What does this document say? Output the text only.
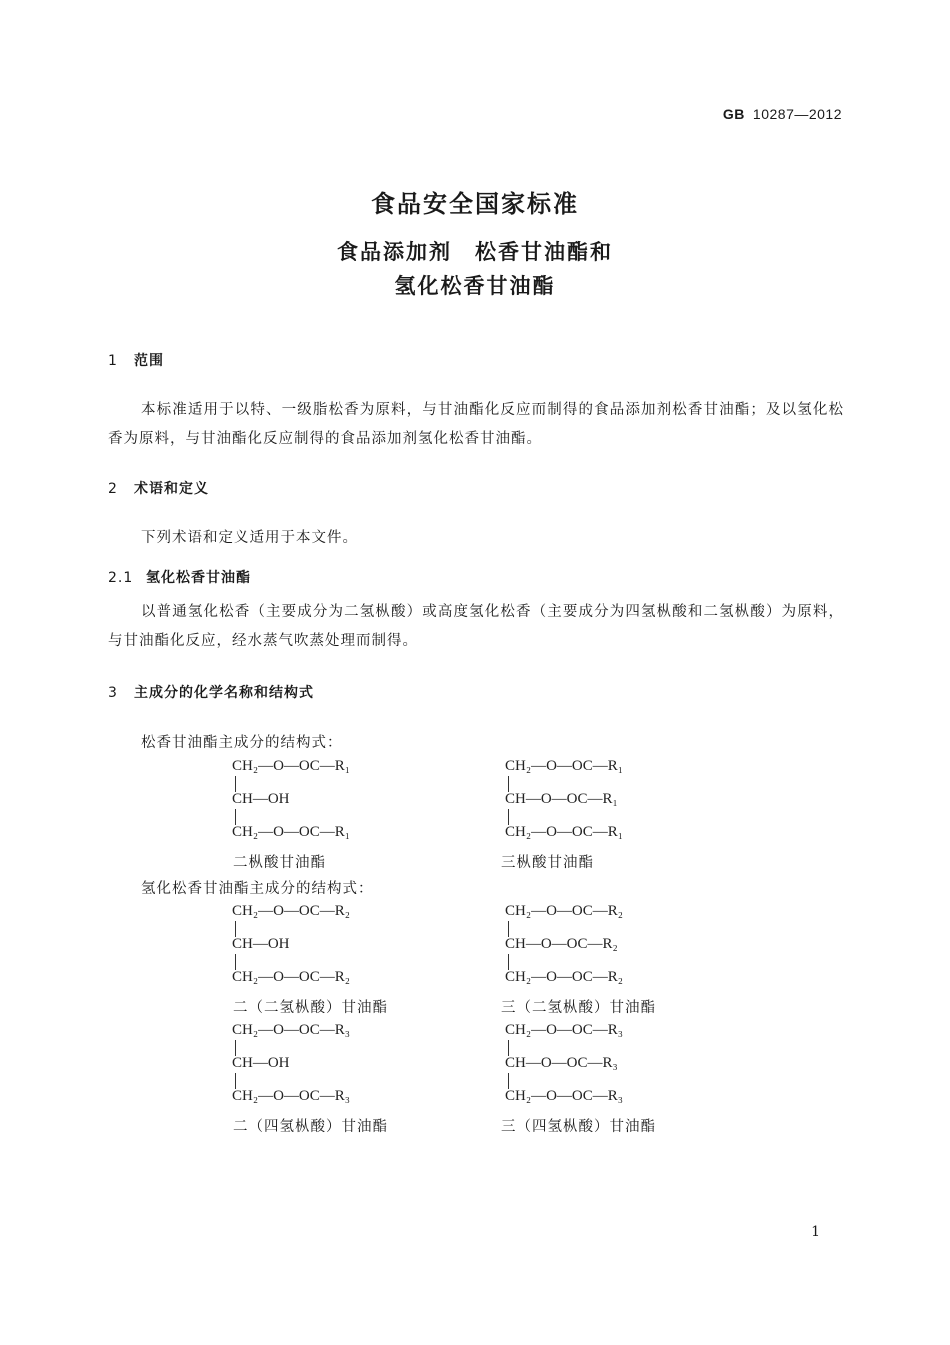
GB 10287—2012
食品安全国家标准
食品添加剂　松香甘油酯和
氢化松香甘油酯
1 范围
本标准适用于以特、一级脂松香为原料，与甘油酯化反应而制得的食品添加剂松香甘油酯；及以氢化松香为原料，与甘油酯化反应制得的食品添加剂氢化松香甘油酯。
2 术语和定义
下列术语和定义适用于本文件。
2.1 氢化松香甘油酯
以普通氢化松香（主要成分为二氢枞酸）或高度氢化松香（主要成分为四氢枞酸和二氢枞酸）为原料，与甘油酯化反应，经水蒸气吹蒸处理而制得。
3 主成分的化学名称和结构式
松香甘油酯主成分的结构式：
CH₂—O—OC—R₁
CH—OH
CH₂—O—OC—R₁
二枞酸甘油酯
CH₂—O—OC—R₁
CH—O—OC—R₁
CH₂—O—OC—R₁
三枞酸甘油酯
氢化松香甘油酯主成分的结构式：
CH₂—O—OC—R₂
CH—OH
CH₂—O—OC—R₂
二（二氢枞酸）甘油酯
CH₂—O—OC—R₂
CH—O—OC—R₂
CH₂—O—OC—R₂
三（二氢枞酸）甘油酯
CH₂—O—OC—R₃
CH—OH
CH₂—O—OC—R₃
二（四氢枞酸）甘油酯
CH₂—O—OC—R₃
CH—O—OC—R₃
CH₂—O—OC—R₃
三（四氢枞酸）甘油酯
1
